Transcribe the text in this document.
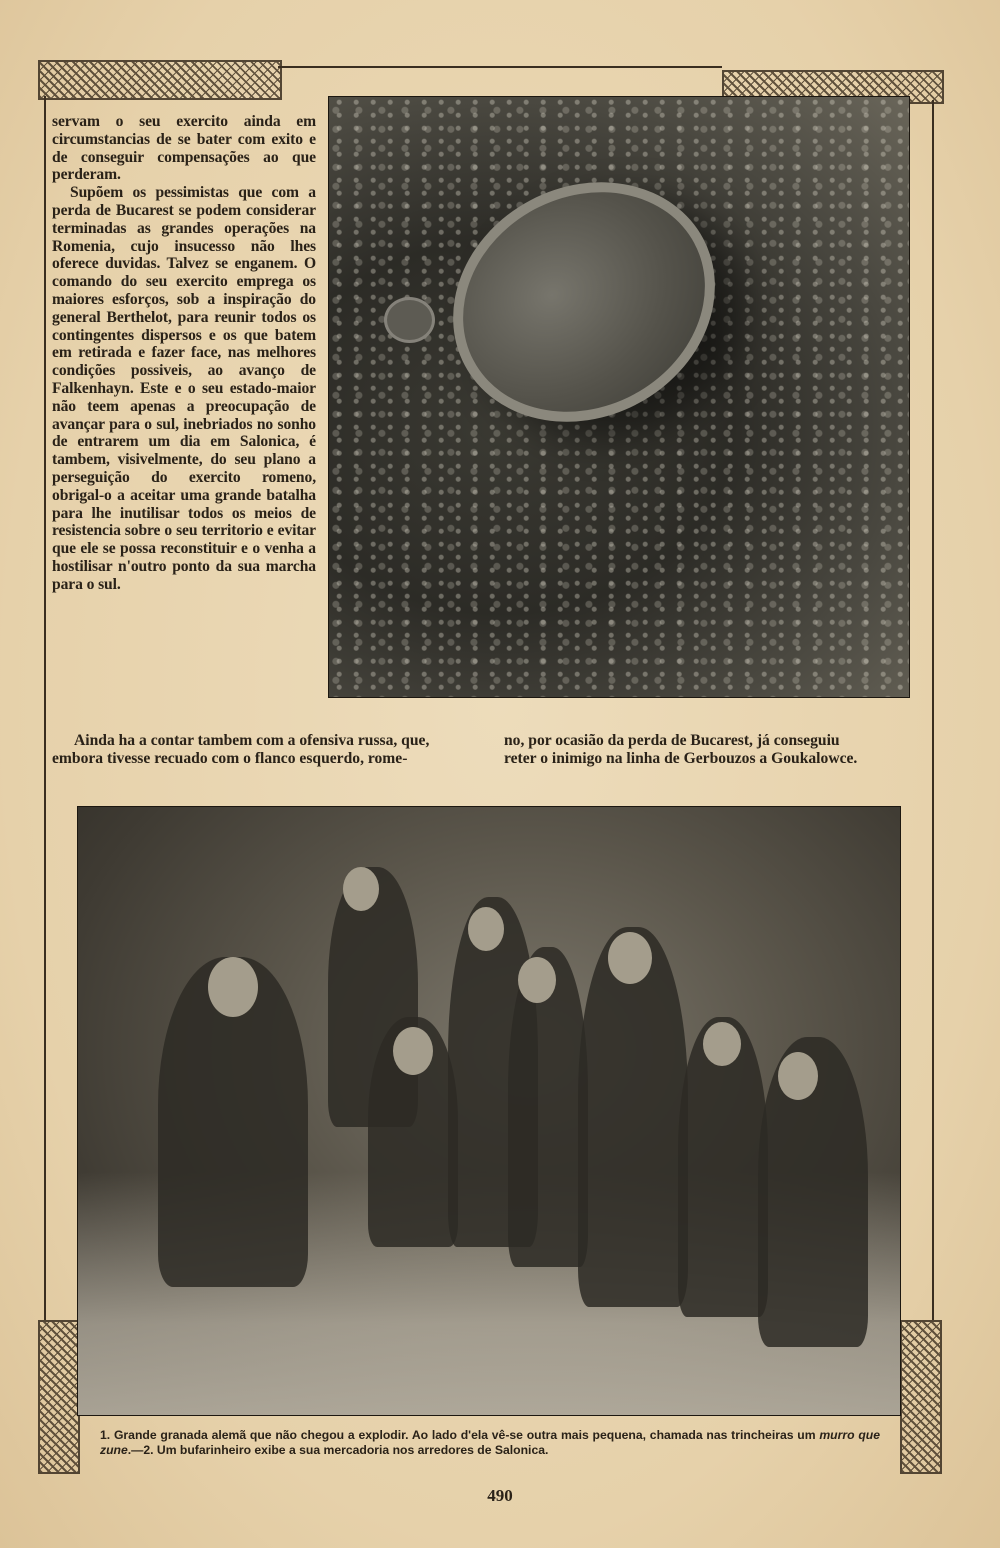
servam o seu exercito ainda em circumstancias de se bater com exito e de conseguir compensações ao que perderam.

Supõem os pessimistas que com a perda de Bucarest se podem considerar terminadas as grandes operações na Romenia, cujo insucesso não lhes oferece duvidas. Talvez se enganem. O comando do seu exercito emprega os maiores esforços, sob a inspiração do general Berthelot, para reunir todos os contingentes dispersos e os que batem em retirada e fazer face, nas melhores condições possiveis, ao avanço de Falkenhayn. Este e o seu estado-maior não teem apenas a preocupação de avançar para o sul, inebriados no sonho de entrarem um dia em Salonica, é tambem, visivelmente, do seu plano a perseguição do exercito romeno, obrigal-o a aceitar uma grande batalha para lhe inutilisar todos os meios de resistencia sobre o seu territorio e evitar que ele se possa reconstituir e o venha a hostilisar n'outro ponto da sua marcha para o sul.

Ainda ha a contar tambem com a ofensiva russa, que,
embora tivesse recuado com o flanco esquerdo, rome-
no, por ocasião da perda de Bucarest, já conseguiu
reter o inimigo na linha de Gerbouzos a Goukalowce.
1. Grande granada alemã que não chegou a explodir. Ao lado d'ela vê-se outra mais pequena, chamada nas trincheiras um murro que zune.—2. Um bufarinheiro exibe a sua mercadoria nos arredores de Salonica.
490
